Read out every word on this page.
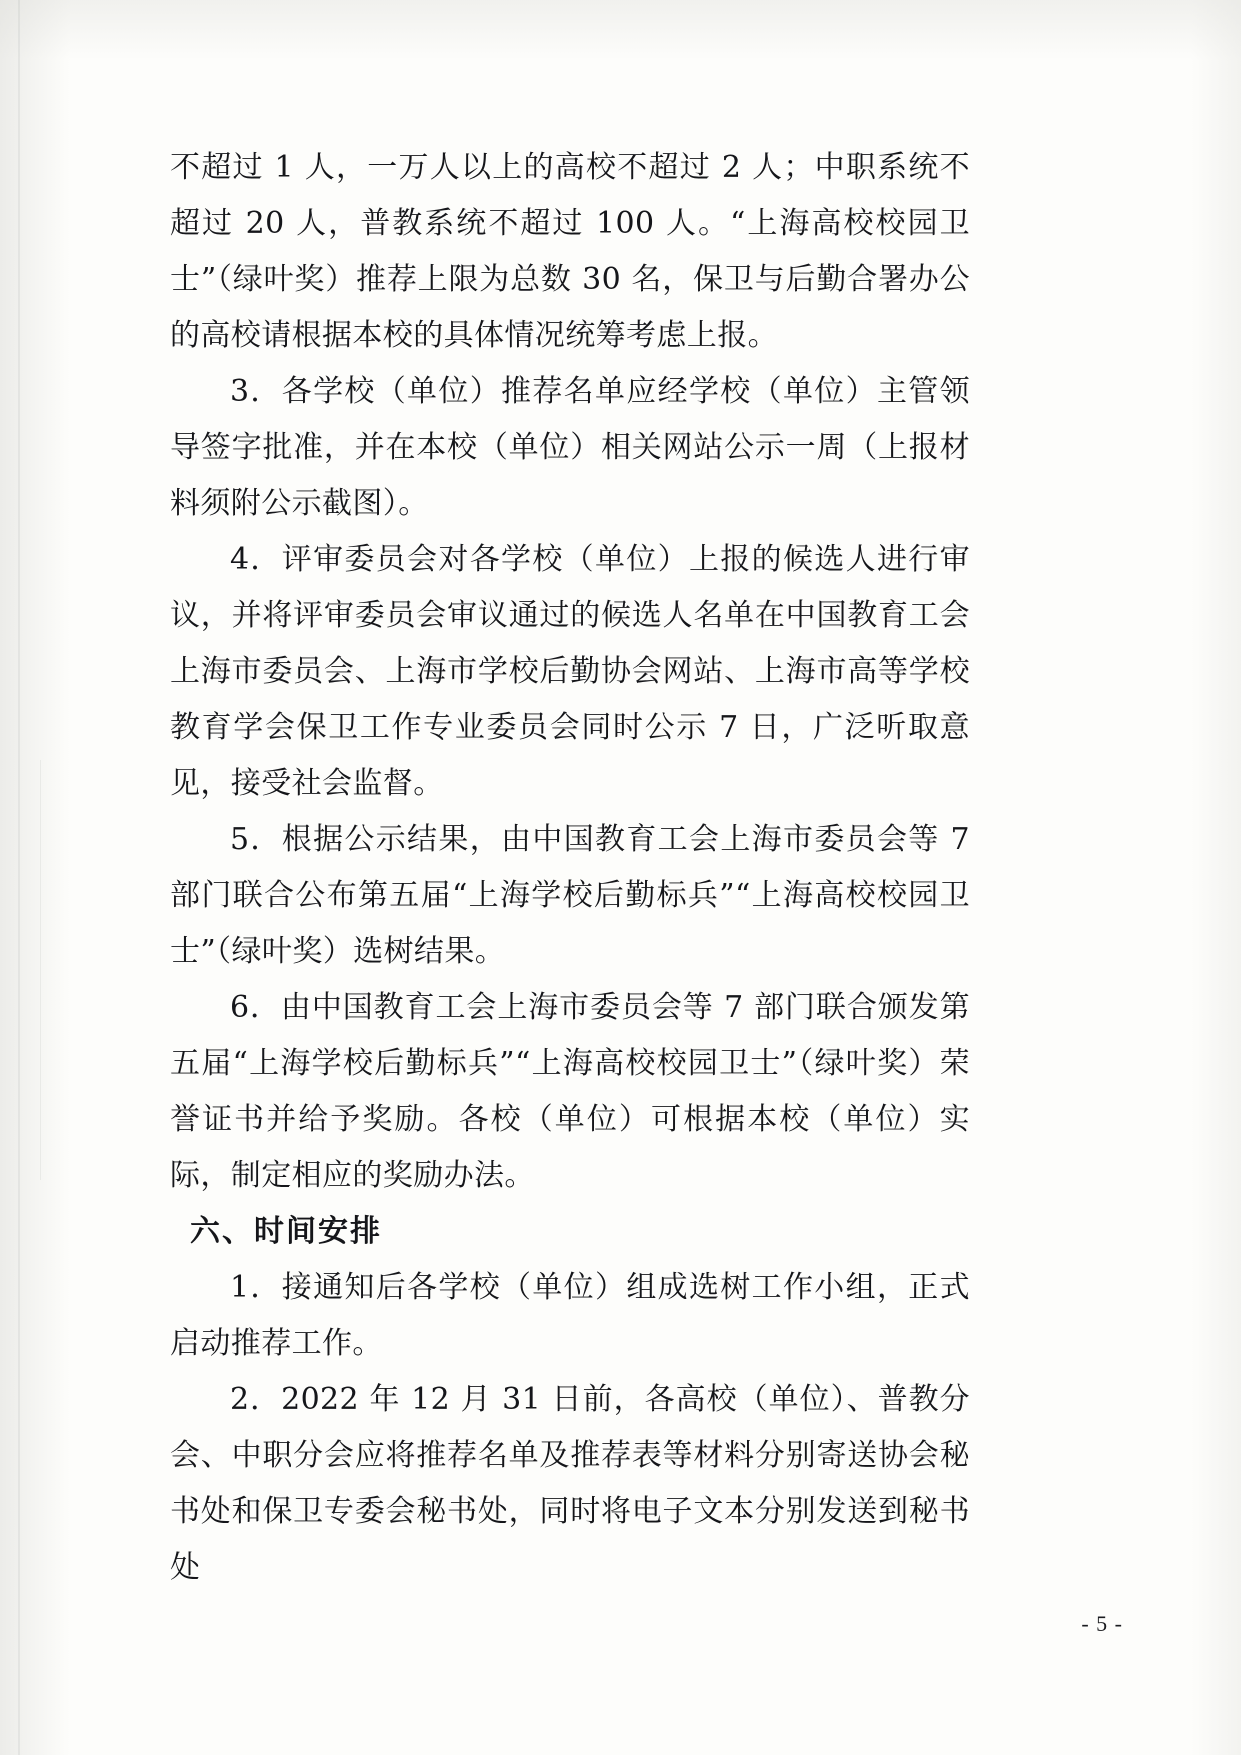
不超过 1 人，一万人以上的高校不超过 2 人；中职系统不超过 20 人，普教系统不超过 100 人。“上海高校校园卫士”（绿叶奖）推荐上限为总数 30 名，保卫与后勤合署办公的高校请根据本校的具体情况统筹考虑上报。

3．各学校（单位）推荐名单应经学校（单位）主管领导签字批准，并在本校（单位）相关网站公示一周（上报材料须附公示截图）。

4．评审委员会对各学校（单位）上报的候选人进行审议，并将评审委员会审议通过的候选人名单在中国教育工会上海市委员会、上海市学校后勤协会网站、上海市高等学校教育学会保卫工作专业委员会同时公示 7 日，广泛听取意见，接受社会监督。

5．根据公示结果，由中国教育工会上海市委员会等 7 部门联合公布第五届“上海学校后勤标兵”“上海高校校园卫士”（绿叶奖）选树结果。

6．由中国教育工会上海市委员会等 7 部门联合颁发第五届“上海学校后勤标兵”“上海高校校园卫士”（绿叶奖）荣誉证书并给予奖励。各校（单位）可根据本校（单位）实际，制定相应的奖励办法。

六、时间安排

1．接通知后各学校（单位）组成选树工作小组，正式启动推荐工作。

2．2022 年 12 月 31 日前，各高校（单位）、普教分会、中职分会应将推荐名单及推荐表等材料分别寄送协会秘书处和保卫专委会秘书处，同时将电子文本分别发送到秘书处

- 5 -
